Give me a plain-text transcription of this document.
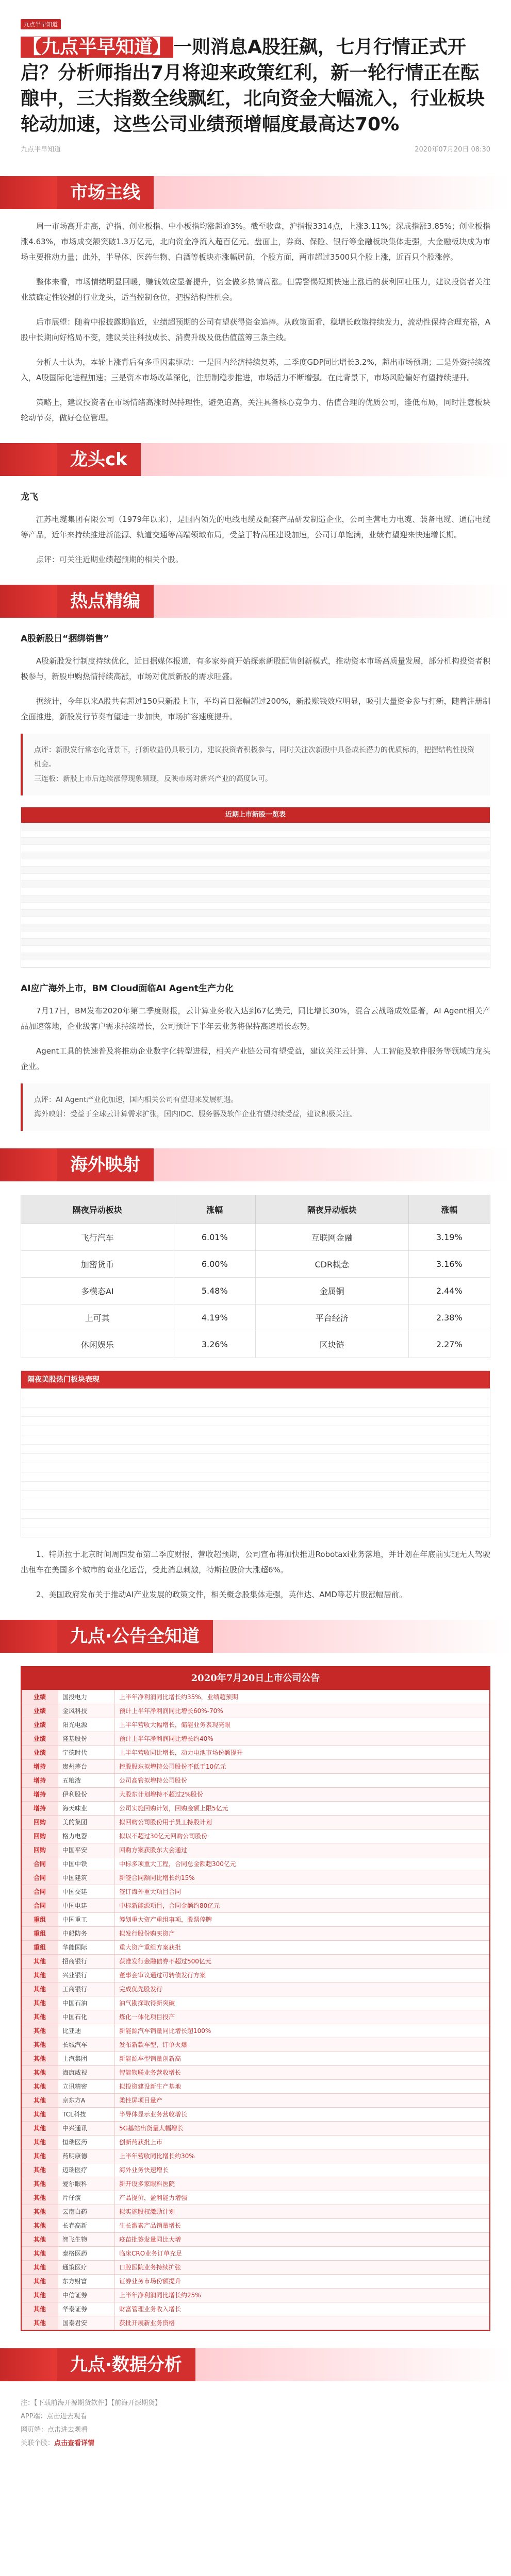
九点半早知道
【九点半早知道】 一则消息A股狂飙，七月行情正式开启？分析师指出7月将迎来政策红利，新一轮行情正在酝酿中，三大指数全线飘红，北向资金大幅流入，行业板块轮动加速，这些公司业绩预增幅度最高达70%
九点半早知道	2020年07月20日 08:30
市场主线

周一市场高开走高，沪指、创业板指、中小板指均涨超逾3%。截至收盘，沪指报3314点，上涨3.11%；深成指涨3.85%；创业板指涨4.63%，市场成交额突破1.3万亿元，北向资金净流入超百亿元。盘面上，券商、保险、银行等金融板块集体走强，大金融板块成为市场主要推动力量；此外，半导体、医药生物、白酒等板块亦涨幅居前，个股方面，两市超过3500只个股上涨，近百只个股涨停。

整体来看，市场情绪明显回暖，赚钱效应显著提升，资金做多热情高涨。但需警惕短期快速上涨后的获利回吐压力，建议投资者关注业绩确定性较强的行业龙头，适当控制仓位，把握结构性机会。

后市展望：随着中报披露期临近，业绩超预期的公司有望获得资金追捧。从政策面看，稳增长政策持续发力，流动性保持合理充裕，A股中长期向好格局不变，建议关注科技成长、消费升级及低估值蓝筹三条主线。

分析人士认为，本轮上涨背后有多重因素驱动：一是国内经济持续复苏，二季度GDP同比增长3.2%，超出市场预期；二是外资持续流入，A股国际化进程加速；三是资本市场改革深化，注册制稳步推进，市场活力不断增强。在此背景下，市场风险偏好有望持续提升。

策略上，建议投资者在市场情绪高涨时保持理性，避免追高，关注具备核心竞争力、估值合理的优质公司，逢低布局，同时注意板块轮动节奏，做好仓位管理。

龙头ck
龙飞

江苏电缆集团有限公司（1979年以来），是国内领先的电线电缆及配套产品研发制造企业，公司主营电力电缆、装备电缆、通信电缆等产品，近年来持续推进新能源、轨道交通等高端领域布局，受益于特高压建设加速，公司订单饱满，业绩有望迎来快速增长期。

点评：可关注近期业绩超预期的相关个股。

热点精编
A股新股日“捆绑销售”

A股新股发行制度持续优化，近日据媒体报道，有多家券商开始探索新股配售创新模式，推动资本市场高质量发展，部分机构投资者积极参与，新股申购热情持续高涨，市场对优质新股的需求旺盛。

据统计，今年以来A股共有超过150只新股上市，平均首日涨幅超过200%，新股赚钱效应明显，吸引大量资金参与打新，随着注册制全面推进，新股发行节奏有望进一步加快，市场扩容速度提升。

点评：新股发行常态化背景下，打新收益仍具吸引力，建议投资者积极参与，同时关注次新股中具备成长潜力的优质标的，把握结构性投资机会。
三连板：新股上市后连续涨停现象频现，反映市场对新兴产业的高度认可。
近期上市新股一览表
AI应广海外上市，BM Cloud面临AI Agent生产力化

7月17日，BM发布2020年第二季度财报，云计算业务收入达到67亿美元，同比增长30%，混合云战略成效显著，AI Agent相关产品加速落地，企业级客户需求持续增长，公司预计下半年云业务将保持高速增长态势。

Agent工具的快速普及将推动企业数字化转型进程，相关产业链公司有望受益，建议关注云计算、人工智能及软件服务等领域的龙头企业。

点评：AI Agent产业化加速，国内相关公司有望迎来发展机遇。
海外映射：受益于全球云计算需求扩张，国内IDC、服务器及软件企业有望持续受益，建议积极关注。
海外映射
隔夜异动板块	涨幅	隔夜异动板块	涨幅
飞行汽车	6.01%	互联网金融	3.19%
加密货币	6.00%	CDR概念	3.16%
多模态AI	5.48%	金属铜	2.44%
上可其	4.19%	平台经济	2.38%
休闲娱乐	3.26%	区块链	2.27%
隔夜美股热门板块表现

1、特斯拉于北京时间周四发布第二季度财报，营收超预期，公司宣布将加快推进Robotaxi业务落地，并计划在年底前实现无人驾驶出租车在美国多个城市的商业化运营，受此消息刺激，特斯拉股价大涨超6%。

2、美国政府发布关于推动AI产业发展的政策文件，相关概念股集体走强，英伟达、AMD等芯片股涨幅居前。

九点·公告全知道
2020年7月20日上市公司公告
业绩	国投电力	上半年净利润同比增长约35%，业绩超预期
业绩	金风科技	预计上半年净利润同比增长60%-70%
业绩	阳光电源	上半年营收大幅增长，储能业务表现亮眼
业绩	隆基股份	预计上半年净利润同比增长约40%
业绩	宁德时代	上半年营收同比增长，动力电池市场份额提升
增持	贵州茅台	控股股东拟增持公司股份不低于10亿元
增持	五粮液	公司高管拟增持公司股份
增持	伊利股份	大股东计划增持不超过2%股份
增持	海天味业	公司实施回购计划，回购金额上限5亿元
回购	美的集团	拟回购公司股份用于员工持股计划
回购	格力电器	拟以不超过30亿元回购公司股份
回购	中国平安	回购方案获股东大会通过
合同	中国中铁	中标多项重大工程，合同总金额超300亿元
合同	中国建筑	新签合同额同比增长约15%
合同	中国交建	签订海外重大项目合同
合同	中国电建	中标新能源项目，合同金额约80亿元
重组	中国重工	筹划重大资产重组事项，股票停牌
重组	中船防务	拟发行股份购买资产
重组	华能国际	重大资产重组方案获批
其他	招商银行	获准发行金融债券不超过500亿元
其他	兴业银行	董事会审议通过可转债发行方案
其他	工商银行	完成优先股发行
其他	中国石油	油气勘探取得新突破
其他	中国石化	炼化一体化项目投产
其他	比亚迪	新能源汽车销量同比增长超100%
其他	长城汽车	发布新款车型，订单火爆
其他	上汽集团	新能源车型销量创新高
其他	海康威视	智能物联业务营收增长
其他	立讯精密	拟投资建设新生产基地
其他	京东方A	柔性屏项目量产
其他	TCL科技	半导体显示业务营收增长
其他	中兴通讯	5G基站出货量大幅增长
其他	恒瑞医药	创新药获批上市
其他	药明康德	上半年营收同比增长约30%
其他	迈瑞医疗	海外业务快速增长
其他	爱尔眼科	新开设多家眼科医院
其他	片仔癀	产品提价，盈利能力增强
其他	云南白药	拟实施股权激励计划
其他	长春高新	生长激素产品销量增长
其他	智飞生物	疫苗批签发量同比大增
其他	泰格医药	临床CRO业务订单充足
其他	通策医疗	口腔医院业务持续扩张
其他	东方财富	证券业务市场份额提升
其他	中信证券	上半年净利润同比增长约25%
其他	华泰证券	财富管理业务收入增长
其他	国泰君安	获批开展新业务资格
九点·数据分析
注：【下载前海开源期货软件】【前海开源期货】
APP端：点击进去观看
网页端：点击进去观看
关联个股：点击查看详情
